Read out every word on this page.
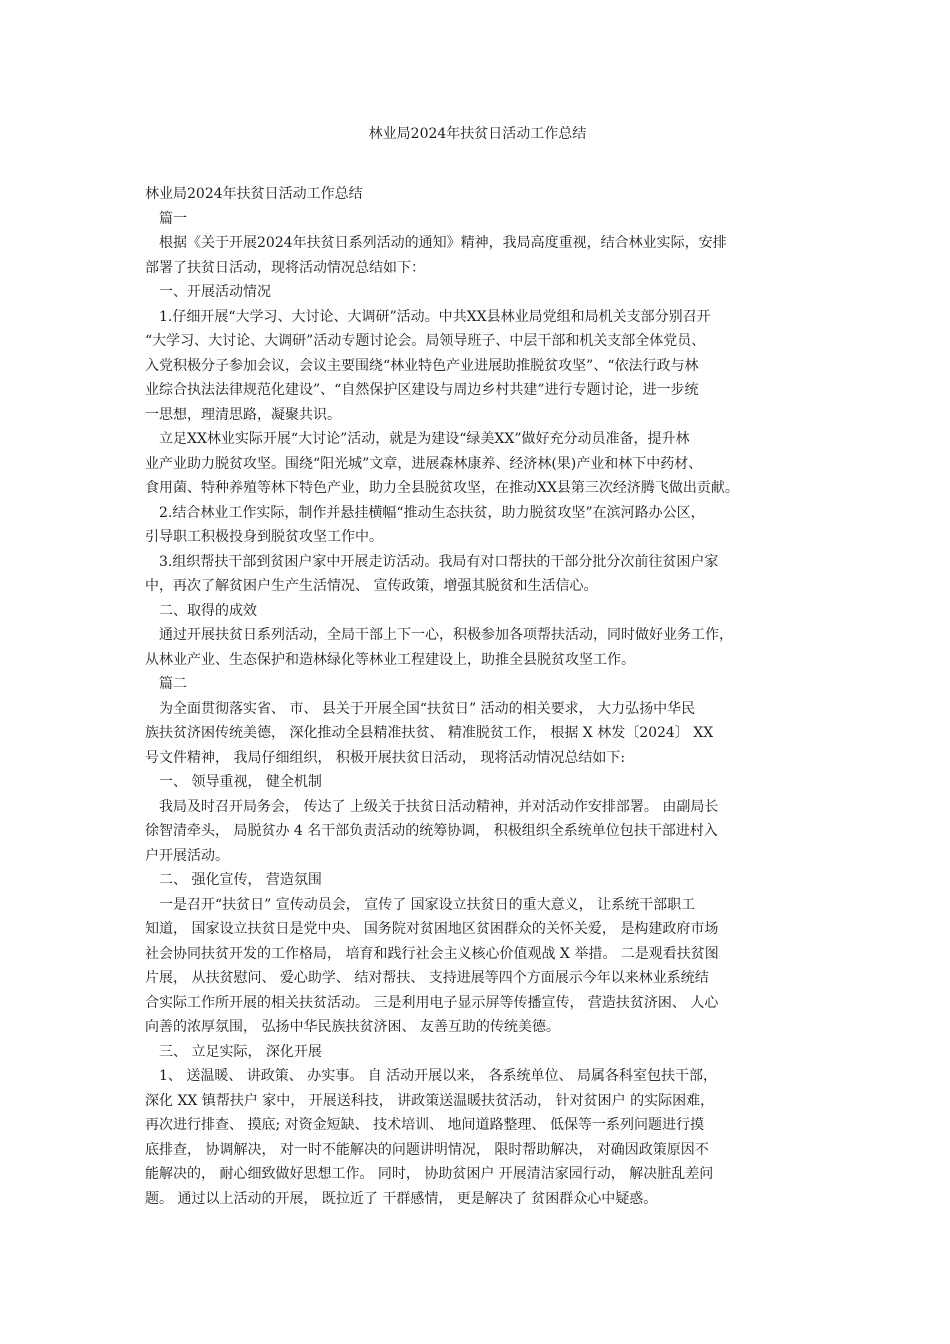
林业局2024年扶贫日活动工作总结

林业局2024年扶贫日活动工作总结

篇一

根据《关于开展2024年扶贫日系列活动的通知》精神，我局高度重视，结合林业实际，安排

部署了扶贫日活动，现将活动情况总结如下：

一、开展活动情况

1.仔细开展“大学习、大讨论、大调研”活动。中共XX县林业局党组和局机关支部分别召开

“大学习、大讨论、大调研”活动专题讨论会。局领导班子、中层干部和机关支部全体党员、

入党积极分子参加会议，会议主要围绕“林业特色产业进展助推脱贫攻坚”、“依法行政与林

业综合执法法律规范化建设”、“自然保护区建设与周边乡村共建”进行专题讨论，进一步统

一思想，理清思路，凝聚共识。

立足XX林业实际开展“大讨论”活动，就是为建设“绿美XX”做好充分动员准备，提升林

业产业助力脱贫攻坚。围绕“阳光城”文章，进展森林康养、经济林(果)产业和林下中药材、

食用菌、特种养殖等林下特色产业，助力全县脱贫攻坚，在推动XX县第三次经济腾飞做出贡献。

2.结合林业工作实际，制作并悬挂横幅“推动生态扶贫，助力脱贫攻坚”在滨河路办公区，

引导职工积极投身到脱贫攻坚工作中。

3.组织帮扶干部到贫困户家中开展走访活动。我局有对口帮扶的干部分批分次前往贫困户家

中，再次了解贫困户生产生活情况、 宣传政策，增强其脱贫和生活信心。

二、取得的成效

通过开展扶贫日系列活动，全局干部上下一心，积极参加各项帮扶活动，同时做好业务工作，

从林业产业、生态保护和造林绿化等林业工程建设上，助推全县脱贫攻坚工作。

篇二

为全面贯彻落实省、 市、 县关于开展全国“扶贫日” 活动的相关要求， 大力弘扬中华民

族扶贫济困传统美德， 深化推动全县精准扶贫、 精准脱贫工作， 根据 X 林发〔2024〕 XX

号文件精神， 我局仔细组织， 积极开展扶贫日活动， 现将活动情况总结如下:

一、 领导重视， 健全机制

我局及时召开局务会， 传达了 上级关于扶贫日活动精神，并对活动作安排部署。 由副局长

徐智清牵头， 局脱贫办 4 名干部负责活动的统筹协调， 积极组织全系统单位包扶干部进村入

户开展活动。

二、 强化宣传， 营造氛围

一是召开“扶贫日” 宣传动员会， 宣传了 国家设立扶贫日的重大意义， 让系统干部职工

知道， 国家设立扶贫日是党中央、 国务院对贫困地区贫困群众的关怀关爱， 是构建政府市场

社会协同扶贫开发的工作格局， 培育和践行社会主义核心价值观战 X 举措。 二是观看扶贫图

片展， 从扶贫慰问、 爱心助学、 结对帮扶、 支持进展等四个方面展示今年以来林业系统结

合实际工作所开展的相关扶贫活动。 三是利用电子显示屏等传播宣传， 营造扶贫济困、 人心

向善的浓厚氛围， 弘扬中华民族扶贫济困、 友善互助的传统美德。

三、 立足实际， 深化开展

1、 送温暖、 讲政策、 办实事。 自 活动开展以来， 各系统单位、 局属各科室包扶干部，

深化 XX 镇帮扶户 家中， 开展送科技， 讲政策送温暖扶贫活动， 针对贫困户 的实际困难，

再次进行排查、 摸底; 对资金短缺、 技术培训、 地间道路整理、 低保等一系列问题进行摸

底排查， 协调解决， 对一时不能解决的问题讲明情况， 限时帮助解决， 对确因政策原因不

能解决的， 耐心细致做好思想工作。 同时， 协助贫困户 开展清洁家园行动， 解决脏乱差问

题。 通过以上活动的开展， 既拉近了 干群感情， 更是解决了 贫困群众心中疑惑。
